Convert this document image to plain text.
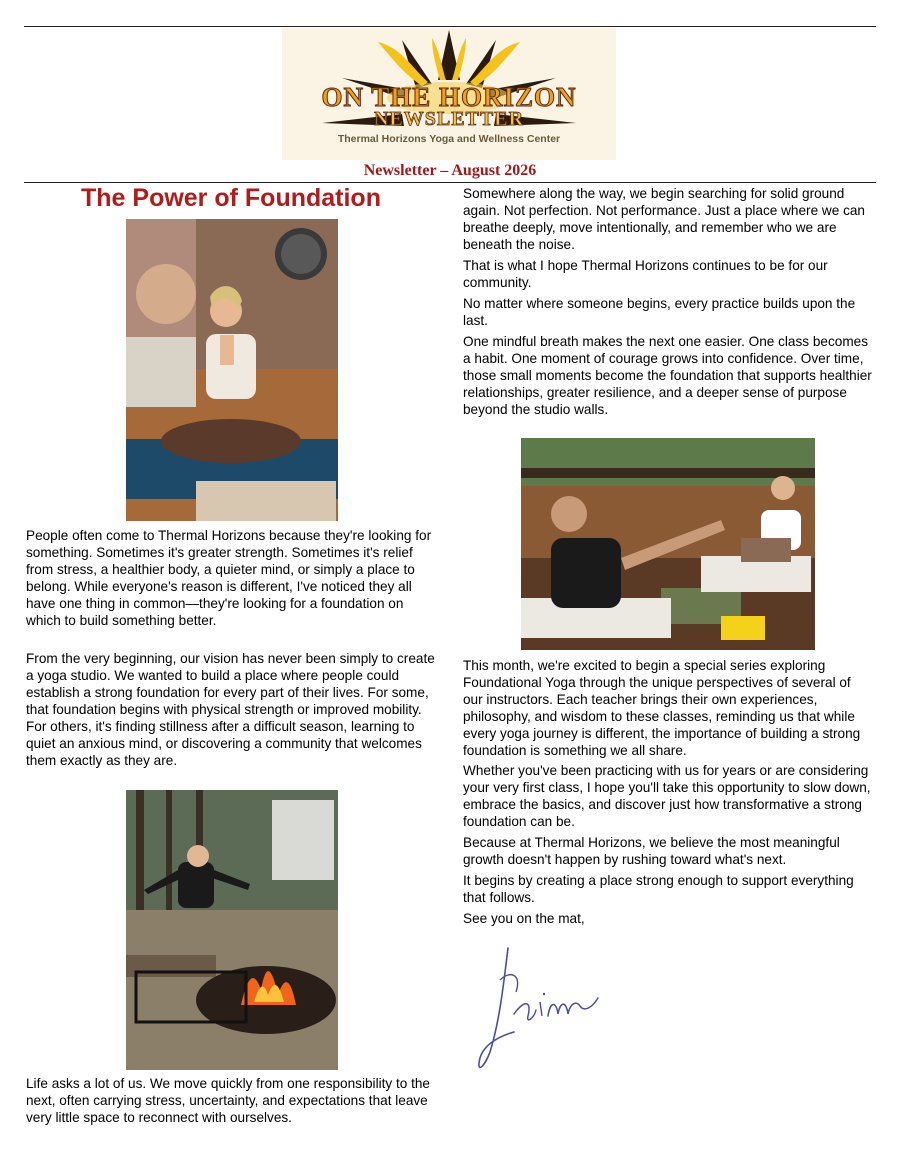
ON THE HORIZON
NEWSLETTER
Thermal Horizons Yoga and Wellness Center
Newsletter – August 2026
The Power of Foundation

People often come to Thermal Horizons because they're looking for something. Sometimes it's greater strength. Sometimes it's relief from stress, a healthier body, a quieter mind, or simply a place to belong. While everyone's reason is different, I've noticed they all have one thing in common—they're looking for a foundation on which to build something better.

From the very beginning, our vision has never been simply to create a yoga studio. We wanted to build a place where people could establish a strong foundation for every part of their lives. For some, that foundation begins with physical strength or improved mobility. For others, it's finding stillness after a difficult season, learning to quiet an anxious mind, or discovering a community that welcomes them exactly as they are.

Life asks a lot of us. We move quickly from one responsibility to the next, often carrying stress, uncertainty, and expectations that leave very little space to reconnect with ourselves.

Somewhere along the way, we begin searching for solid ground again. Not perfection. Not performance. Just a place where we can breathe deeply, move intentionally, and remember who we are beneath the noise.

That is what I hope Thermal Horizons continues to be for our community.

No matter where someone begins, every practice builds upon the last.

One mindful breath makes the next one easier. One class becomes a habit. One moment of courage grows into confidence. Over time, those small moments become the foundation that supports healthier relationships, greater resilience, and a deeper sense of purpose beyond the studio walls.

This month, we're excited to begin a special series exploring Foundational Yoga through the unique perspectives of several of our instructors. Each teacher brings their own experiences, philosophy, and wisdom to these classes, reminding us that while every yoga journey is different, the importance of building a strong foundation is something we all share.

Whether you've been practicing with us for years or are considering your very first class, I hope you'll take this opportunity to slow down, embrace the basics, and discover just how transformative a strong foundation can be.

Because at Thermal Horizons, we believe the most meaningful growth doesn't happen by rushing toward what's next.

It begins by creating a place strong enough to support everything that follows.

See you on the mat,
